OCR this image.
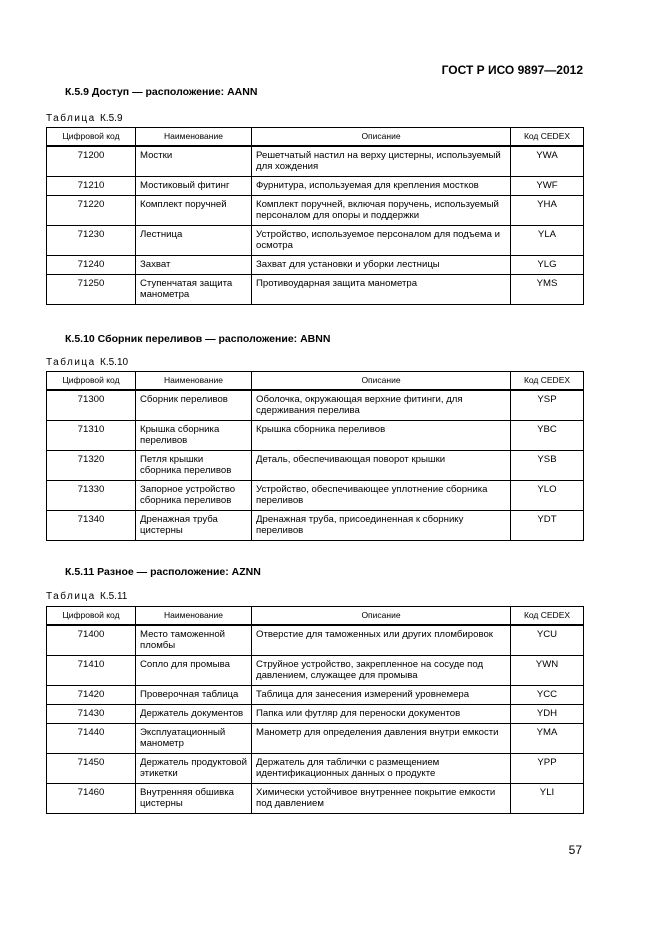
ГОСТ Р ИСО 9897—2012
К.5.9 Доступ — расположение: AANN
Таблица К.5.9
Цифровой код	Наименование	Описание	Код CEDEX
71200	Мостки	Решетчатый настил на верху цистерны, используемый для хождения	YWA
71210	Мостиковый фитинг	Фурнитура, используемая для крепления мостков	YWF
71220	Комплект поручней	Комплект поручней, включая поручень, используемый персоналом для опоры и поддержки	YHA
71230	Лестница	Устройство, используемое персоналом для подъема и осмотра	YLA
71240	Захват	Захват для установки и уборки лестницы	YLG
71250	Ступенчатая защита манометра	Противоударная защита манометра	YMS
К.5.10 Сборник переливов — расположение: ABNN
Таблица К.5.10
Цифровой код	Наименование	Описание	Код CEDEX
71300	Сборник переливов	Оболочка, окружающая верхние фитинги, для сдерживания перелива	YSP
71310	Крышка сборника переливов	Крышка сборника переливов	YBC
71320	Петля крышки сборника переливов	Деталь, обеспечивающая поворот крышки	YSB
71330	Запорное устройство сборника переливов	Устройство, обеспечивающее уплотнение сборника переливов	YLO
71340	Дренажная труба цистерны	Дренажная труба, присоединенная к сборнику переливов	YDT
К.5.11 Разное — расположение: AZNN
Таблица К.5.11
Цифровой код	Наименование	Описание	Код CEDEX
71400	Место таможенной пломбы	Отверстие для таможенных или других пломбировок	YCU
71410	Сопло для промыва	Струйное устройство, закрепленное на сосуде под давлением, служащее для промыва	YWN
71420	Проверочная таблица	Таблица для занесения измерений уровнемера	YCC
71430	Держатель документов	Папка или футляр для переноски документов	YDH
71440	Эксплуатационный манометр	Манометр для определения давления внутри емкости	YMA
71450	Держатель продуктовой этикетки	Держатель для таблички с размещением идентификационных данных о продукте	YPP
71460	Внутренняя обшивка цистерны	Химически устойчивое внутреннее покрытие емкости под давлением	YLI
57
